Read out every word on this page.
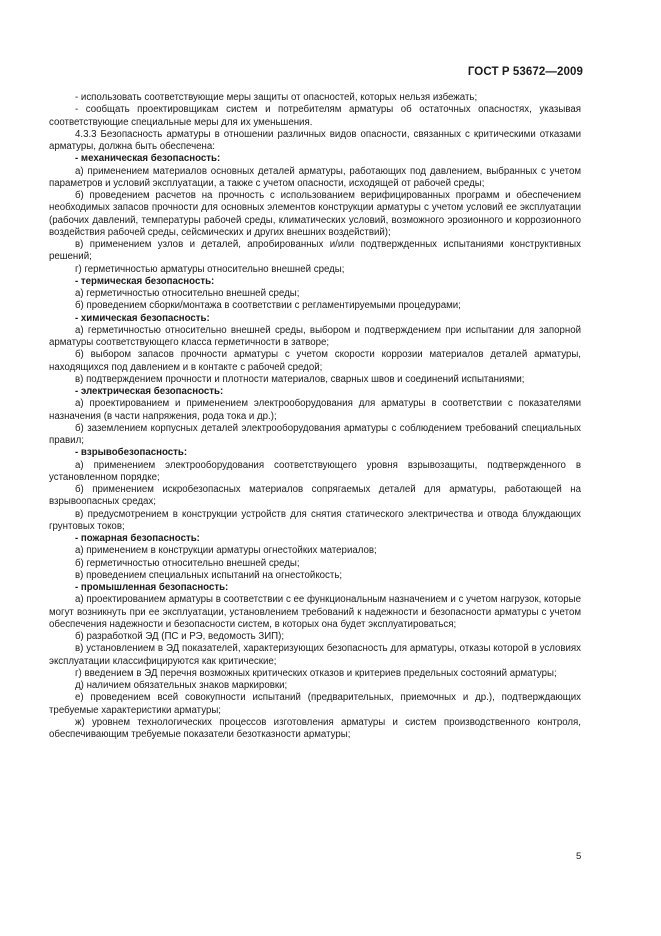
ГОСТ Р 53672—2009

- использовать соответствующие меры защиты от опасностей, которых нельзя избежать;

- сообщать проектировщикам систем и потребителям арматуры об остаточных опасностях, указывая соответствующие специальные меры для их уменьшения.

4.3.3 Безопасность арматуры в отношении различных видов опасности, связанных с критическими отказами арматуры, должна быть обеспечена:

- механическая безопасность:

а) применением материалов основных деталей арматуры, работающих под давлением, выбранных с учетом параметров и условий эксплуатации, а также с учетом опасности, исходящей от рабочей среды;

б) проведением расчетов на прочность с использованием верифицированных программ и обеспечением необходимых запасов прочности для основных элементов конструкции арматуры с учетом условий ее эксплуатации (рабочих давлений, температуры рабочей среды, климатических условий, возможного эрозионного и коррозионного воздействия рабочей среды, сейсмических и других внешних воздействий);

в) применением узлов и деталей, апробированных и/или подтвержденных испытаниями конструктивных решений;

г) герметичностью арматуры относительно внешней среды;

- термическая безопасность:

а) герметичностью относительно внешней среды;

б) проведением сборки/монтажа в соответствии с регламентируемыми процедурами;

- химическая безопасность:

а) герметичностью относительно внешней среды, выбором и подтверждением при испытании для запорной арматуры соответствующего класса герметичности в затворе;

б) выбором запасов прочности арматуры с учетом скорости коррозии материалов деталей арматуры, находящихся под давлением и в контакте с рабочей средой;

в) подтверждением прочности и плотности материалов, сварных швов и соединений испытаниями;

- электрическая безопасность:

а) проектированием и применением электрооборудования для арматуры в соответствии с показателями назначения (в части напряжения, рода тока и др.);

б) заземлением корпусных деталей электрооборудования арматуры с соблюдением требований специальных правил;

- взрывобезопасность:

а) применением электрооборудования соответствующего уровня взрывозащиты, подтвержденного в установленном порядке;

б) применением искробезопасных материалов сопрягаемых деталей для арматуры, работающей на взрывоопасных средах;

в) предусмотрением в конструкции устройств для снятия статического электричества и отвода блуждающих грунтовых токов;

- пожарная безопасность:

а) применением в конструкции арматуры огнестойких материалов;

б) герметичностью относительно внешней среды;

в) проведением специальных испытаний на огнестойкость;

- промышленная безопасность:

а) проектированием арматуры в соответствии с ее функциональным назначением и с учетом нагрузок, которые могут возникнуть при ее эксплуатации, установлением требований к надежности и безопасности арматуры с учетом обеспечения надежности и безопасности систем, в которых она будет эксплуатироваться;

б) разработкой ЭД (ПС и РЭ, ведомость ЗИП);

в) установлением в ЭД показателей, характеризующих безопасность для арматуры, отказы которой в условиях эксплуатации классифицируются как критические;

г) введением в ЭД перечня возможных критических отказов и критериев предельных состояний арматуры;

д) наличием обязательных знаков маркировки;

е) проведением всей совокупности испытаний (предварительных, приемочных и др.), подтверждающих требуемые характеристики арматуры;

ж) уровнем технологических процессов изготовления арматуры и систем производственного контроля, обеспечивающим требуемые показатели безотказности арматуры;

5
